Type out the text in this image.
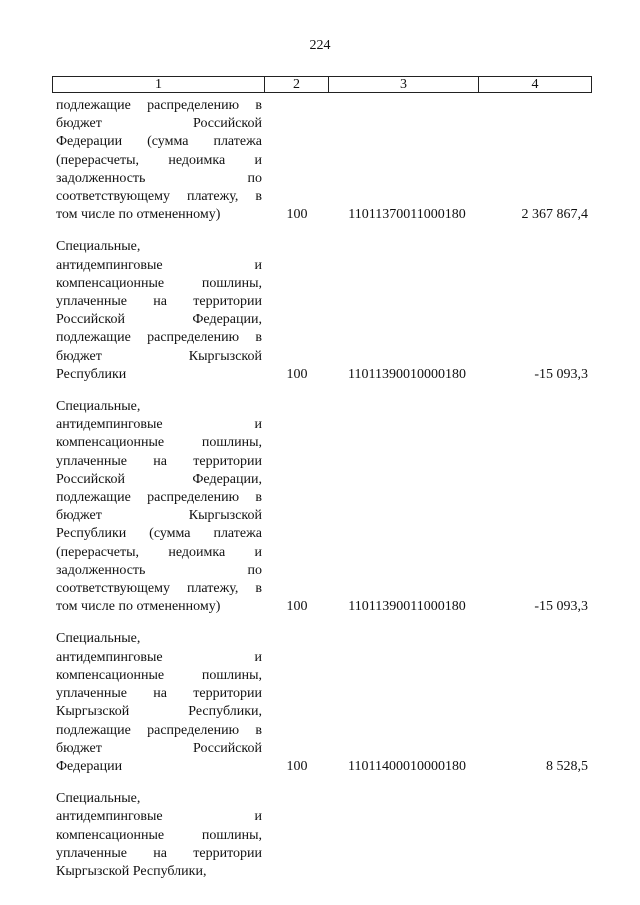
224
1	2	3	4
подлежащие распределению в
бюджет Российской
Федерации (сумма платежа
(перерасчеты, недоимка и
задолженность по
соответствующему платежу, в
том числе по отмененному)	100	11011370011000180	2 367 867,4
Специальные,
антидемпинговые и
компенсационные пошлины,
уплаченные на территории
Российской Федерации,
подлежащие распределению в
бюджет Кыргызской
Республики	100	11011390010000180	-15 093,3
Специальные,
антидемпинговые и
компенсационные пошлины,
уплаченные на территории
Российской Федерации,
подлежащие распределению в
бюджет Кыргызской
Республики (сумма платежа
(перерасчеты, недоимка и
задолженность по
соответствующему платежу, в
том числе по отмененному)	100	11011390011000180	-15 093,3
Специальные,
антидемпинговые и
компенсационные пошлины,
уплаченные на территории
Кыргызской Республики,
подлежащие распределению в
бюджет Российской
Федерации	100	11011400010000180	8 528,5
Специальные,
антидемпинговые и
компенсационные пошлины,
уплаченные на территории
Кыргызской Республики,
